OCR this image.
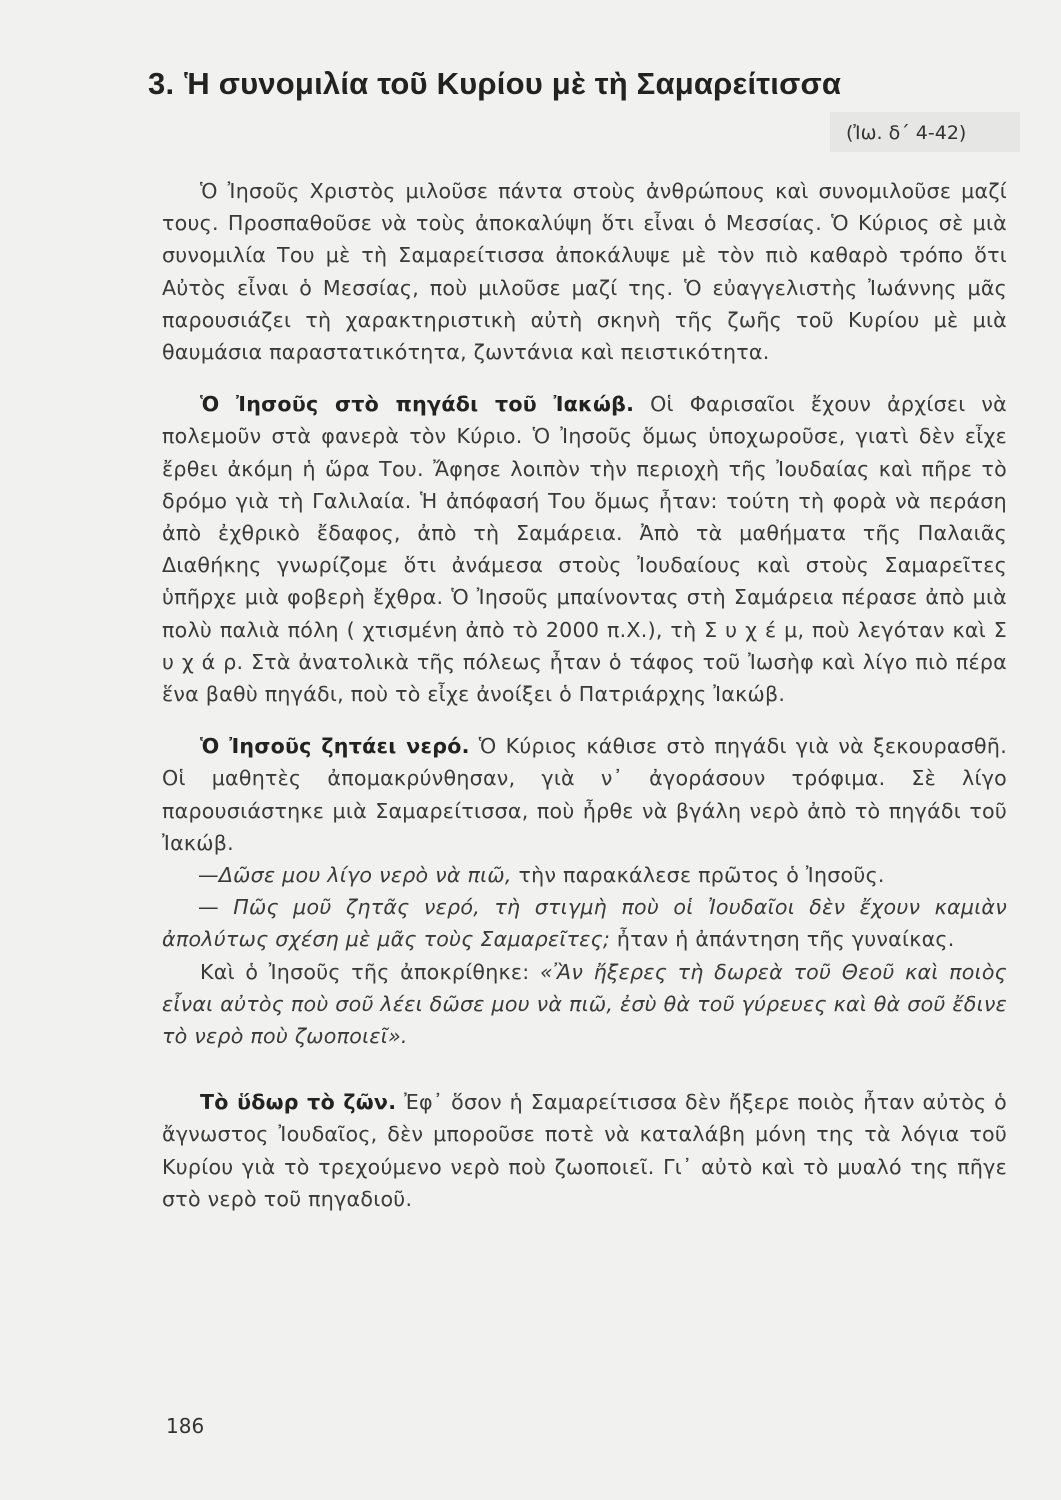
3. Ἡ συνομιλία τοῦ Κυρίου μὲ τὴ Σαμαρείτισσα
(Ἰω. δ΄ 4-42)

Ὁ Ἰησοῦς Χριστὸς μιλοῦσε πάντα στοὺς ἀνθρώπους καὶ συνομιλοῦσε μαζί τους. Προσπαθοῦσε νὰ τοὺς ἀποκαλύψη ὅτι εἶναι ὁ Μεσσίας. Ὁ Κύριος σὲ μιὰ συνομιλία Του μὲ τὴ Σαμαρείτισσα ἀποκάλυψε μὲ τὸν πιὸ καθαρὸ τρόπο ὅτι Αὐτὸς εἶναι ὁ Μεσσίας, ποὺ μιλοῦσε μαζί της. Ὁ εὐαγγελιστὴς Ἰωάννης μᾶς παρουσιάζει τὴ χαρακτηριστικὴ αὐτὴ σκηνὴ τῆς ζωῆς τοῦ Κυρίου μὲ μιὰ θαυμάσια παραστατικότητα, ζωντάνια καὶ πειστικότητα.

Ὁ Ἰησοῦς στὸ πηγάδι τοῦ Ἰακώβ. Οἱ Φαρισαῖοι ἔχουν ἀρχίσει νὰ πολεμοῦν στὰ φανερὰ τὸν Κύριο. Ὁ Ἰησοῦς ὅμως ὑποχωροῦσε, γιατὶ δὲν εἶχε ἔρθει ἀκόμη ἡ ὥρα Του. Ἄφησε λοιπὸν τὴν περιοχὴ τῆς Ἰουδαίας καὶ πῆρε τὸ δρόμο γιὰ τὴ Γαλιλαία. Ἡ ἀπόφασή Του ὅμως ἦταν: τούτη τὴ φορὰ νὰ περάση ἀπὸ ἐχθρικὸ ἔδαφος, ἀπὸ τὴ Σαμάρεια. Ἀπὸ τὰ μαθήματα τῆς Παλαιᾶς Διαθήκης γνωρίζομε ὅτι ἀνάμεσα στοὺς Ἰουδαίους καὶ στοὺς Σαμαρεῖτες ὑπῆρχε μιὰ φοβερὴ ἔχθρα. Ὁ Ἰησοῦς μπαίνοντας στὴ Σαμάρεια πέρασε ἀπὸ μιὰ πολὺ παλιὰ πόλη ( χτισμένη ἀπὸ τὸ 2000 π.Χ.), τὴ Σ υ χ έ μ, ποὺ λεγόταν καὶ Σ υ χ ά ρ. Στὰ ἀνατολικὰ τῆς πόλεως ἦταν ὁ τάφος τοῦ Ἰωσὴφ καὶ λίγο πιὸ πέρα ἕνα βαθὺ πηγάδι, ποὺ τὸ εἶχε ἀνοίξει ὁ Πατριάρχης Ἰακώβ.

Ὁ Ἰησοῦς ζητάει νερό. Ὁ Κύριος κάθισε στὸ πηγάδι γιὰ νὰ ξεκουρασθῆ. Οἱ μαθητὲς ἀπομακρύνθησαν, γιὰ ν᾿ ἀγοράσουν τρόφιμα. Σὲ λίγο παρουσιάστηκε μιὰ Σαμαρείτισσα, ποὺ ἦρθε νὰ βγάλη νερὸ ἀπὸ τὸ πηγάδι τοῦ Ἰακώβ.

—Δῶσε μου λίγο νερὸ νὰ πιῶ, τὴν παρακάλεσε πρῶτος ὁ Ἰησοῦς.

— Πῶς μοῦ ζητᾶς νερό, τὴ στιγμὴ ποὺ οἱ Ἰουδαῖοι δὲν ἔχουν καμιὰν ἀπολύτως σχέση μὲ μᾶς τοὺς Σαμαρεῖτες; ἦταν ἡ ἀπάντηση τῆς γυναίκας.

Καὶ ὁ Ἰησοῦς τῆς ἀποκρίθηκε: «Ἂν ἤξερες τὴ δωρεὰ τοῦ Θεοῦ καὶ ποιὸς εἶναι αὐτὸς ποὺ σοῦ λέει δῶσε μου νὰ πιῶ, ἐσὺ θὰ τοῦ γύρευες καὶ θὰ σοῦ ἔδινε τὸ νερὸ ποὺ ζωοποιεῖ».

Τὸ ὕδωρ τὸ ζῶν. Ἐφ᾿ ὅσον ἡ Σαμαρείτισσα δὲν ἤξερε ποιὸς ἦταν αὐτὸς ὁ ἄγνωστος Ἰουδαῖος, δὲν μποροῦσε ποτὲ νὰ καταλάβη μόνη της τὰ λόγια τοῦ Κυρίου γιὰ τὸ τρεχούμενο νερὸ ποὺ ζωοποιεῖ. Γι᾿ αὐτὸ καὶ τὸ μυαλό της πῆγε στὸ νερὸ τοῦ πηγαδιοῦ.

186
